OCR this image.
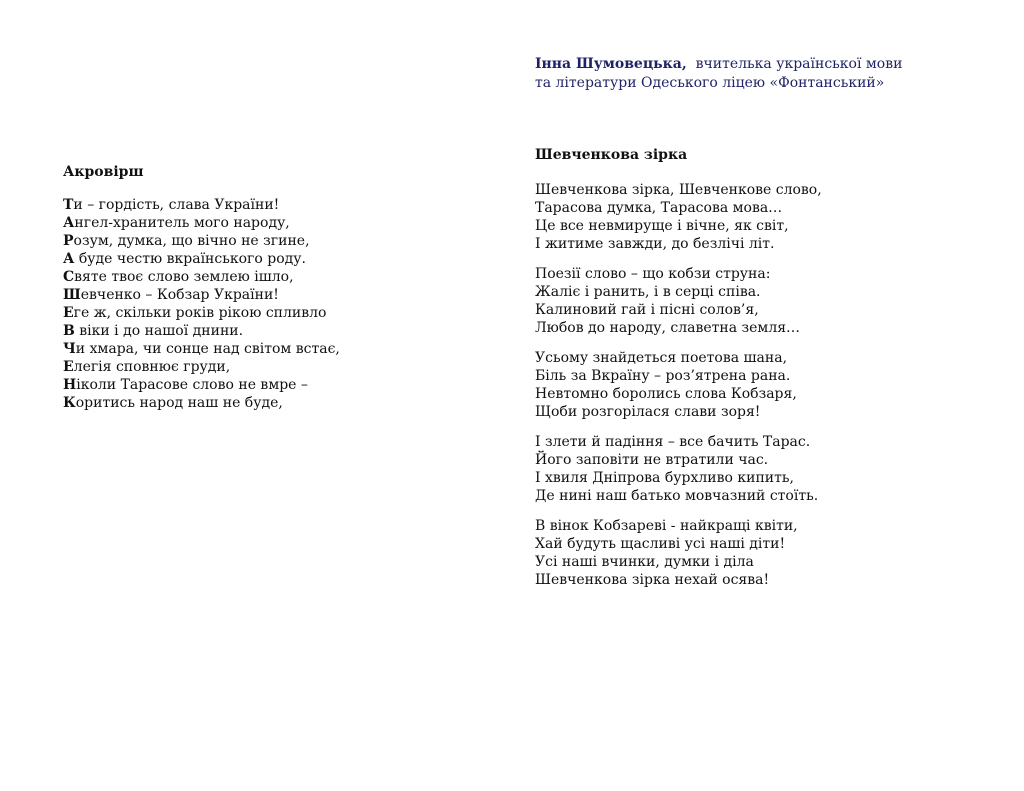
Інна Шумовецька, вчителька української мови
та літератури Одеського ліцею «Фонтанський»
Акровірш
Ти – гордість, слава України!
Ангел-хранитель мого народу,
Розум, думка, що вічно не згине,
А буде честю вкраїнського роду.
Святе твоє слово землею ішло,
Шевченко – Кобзар України!
Еге ж, скільки років рікою спливло
В віки і до нашої днини.
Чи хмара, чи сонце над світом встає,
Елегія сповнює груди,
Ніколи Тарасове слово не вмре –
Коритись народ наш не буде,
Шевченкова зірка
Шевченкова зірка, Шевченкове слово,
Тарасова думка, Тарасова мова…
Це все невмируще і вічне, як світ,
І житиме завжди, до безлічі літ.
Поезії слово – що кобзи струна:
Жаліє і ранить, і в серці співа.
Калиновий гай і пісні солов’я,
Любов до народу, славетна земля…
Усьому знайдеться поетова шана,
Біль за Вкраїну – роз’ятрена рана.
Невтомно боролись слова Кобзаря,
Щоби розгорілася слави зоря!
І злети й падіння – все бачить Тарас.
Його заповіти не втратили час.
І хвиля Дніпрова бурхливо кипить,
Де нині наш батько мовчазний стоїть.
В вінок Кобзареві - найкращі квіти,
Хай будуть щасливі усі наші діти!
Усі наші вчинки, думки і діла
Шевченкова зірка нехай осява!
